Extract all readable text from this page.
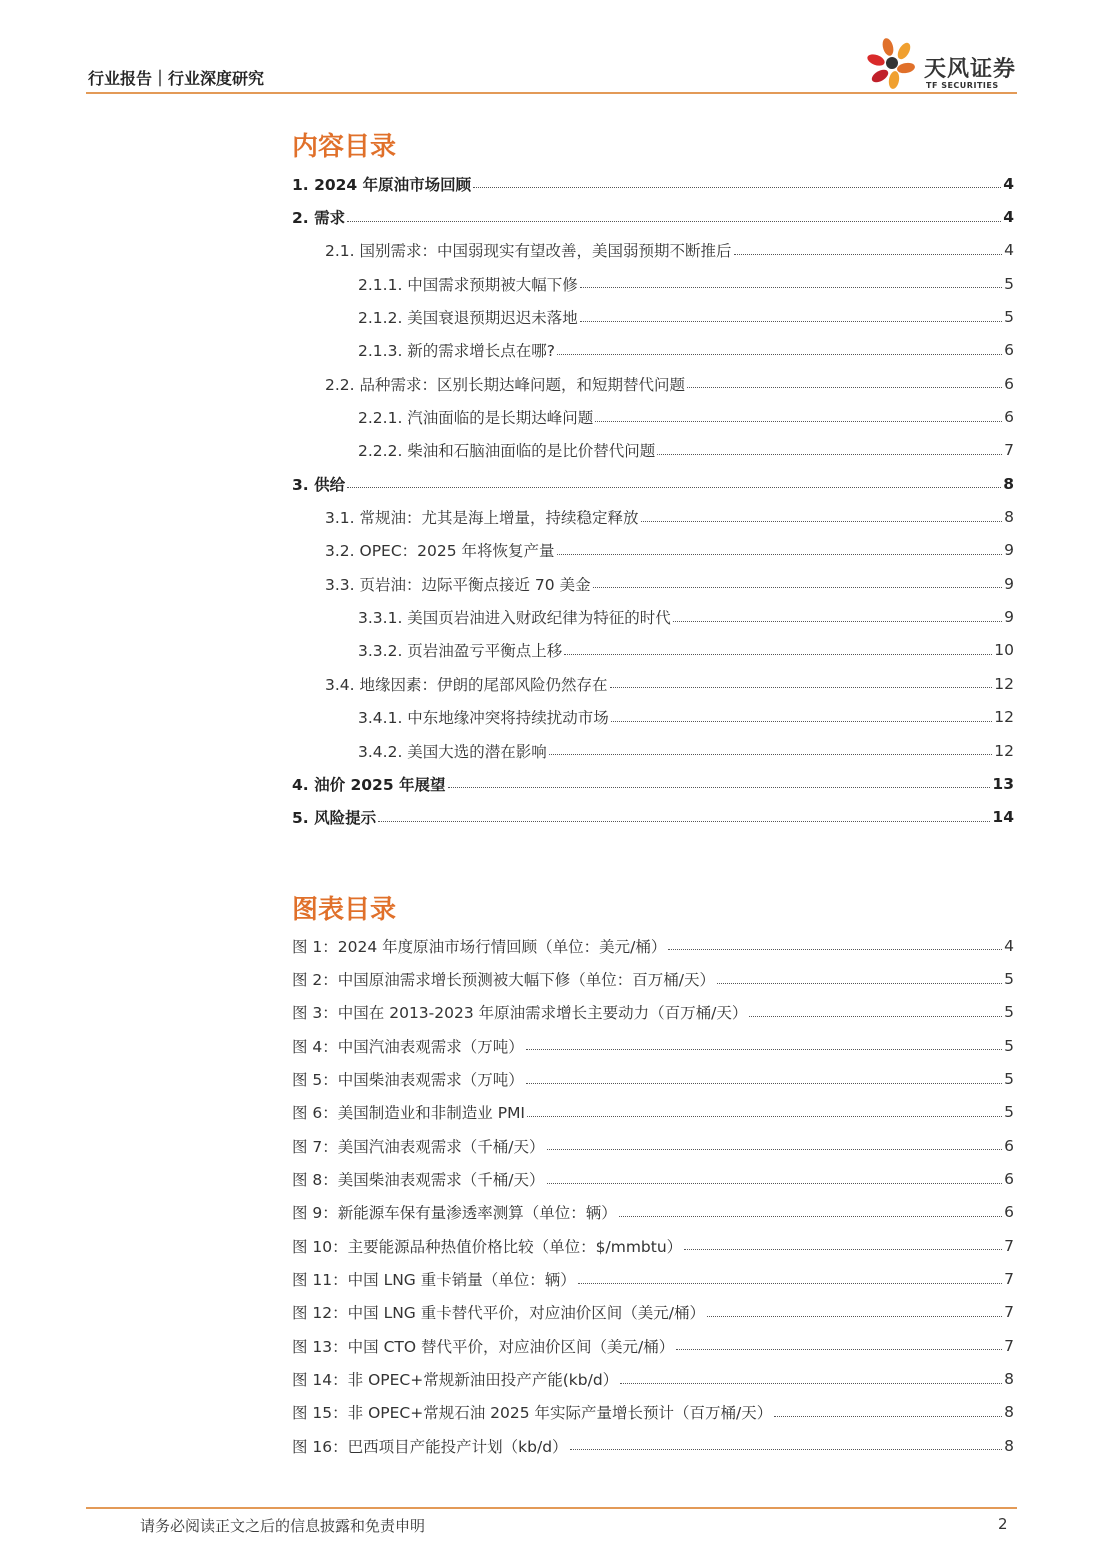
行业报告｜行业深度研究	天风证券
TF SECURITIES
内容目录
1. 2024 年原油市场回顾	4
2. 需求	4
2.1. 国别需求：中国弱现实有望改善，美国弱预期不断推后	4
2.1.1. 中国需求预期被大幅下修	5
2.1.2. 美国衰退预期迟迟未落地	5
2.1.3. 新的需求增长点在哪?	6
2.2. 品种需求：区别长期达峰问题，和短期替代问题	6
2.2.1. 汽油面临的是长期达峰问题	6
2.2.2. 柴油和石脑油面临的是比价替代问题	7
3. 供给	8
3.1. 常规油：尤其是海上增量，持续稳定释放	8
3.2. OPEC：2025 年将恢复产量	9
3.3. 页岩油：边际平衡点接近 70 美金	9
3.3.1. 美国页岩油进入财政纪律为特征的时代	9
3.3.2. 页岩油盈亏平衡点上移	10
3.4. 地缘因素：伊朗的尾部风险仍然存在	12
3.4.1. 中东地缘冲突将持续扰动市场	12
3.4.2. 美国大选的潜在影响	12
4. 油价 2025 年展望	13
5. 风险提示	14
图表目录
图 1：2024 年度原油市场行情回顾（单位：美元/桶）	4
图 2：中国原油需求增长预测被大幅下修（单位：百万桶/天）	5
图 3：中国在 2013-2023 年原油需求增长主要动力（百万桶/天）	5
图 4：中国汽油表观需求（万吨）	5
图 5：中国柴油表观需求（万吨）	5
图 6：美国制造业和非制造业 PMI	5
图 7：美国汽油表观需求（千桶/天）	6
图 8：美国柴油表观需求（千桶/天）	6
图 9：新能源车保有量渗透率测算（单位：辆）	6
图 10：主要能源品种热值价格比较（单位：$/mmbtu）	7
图 11：中国 LNG 重卡销量（单位：辆）	7
图 12：中国 LNG 重卡替代平价，对应油价区间（美元/桶）	7
图 13：中国 CTO 替代平价，对应油价区间（美元/桶）	7
图 14：非 OPEC+常规新油田投产产能(kb/d）	8
图 15：非 OPEC+常规石油 2025 年实际产量增长预计（百万桶/天）	8
图 16：巴西项目产能投产计划（kb/d）	8
请务必阅读正文之后的信息披露和免责申明	2
